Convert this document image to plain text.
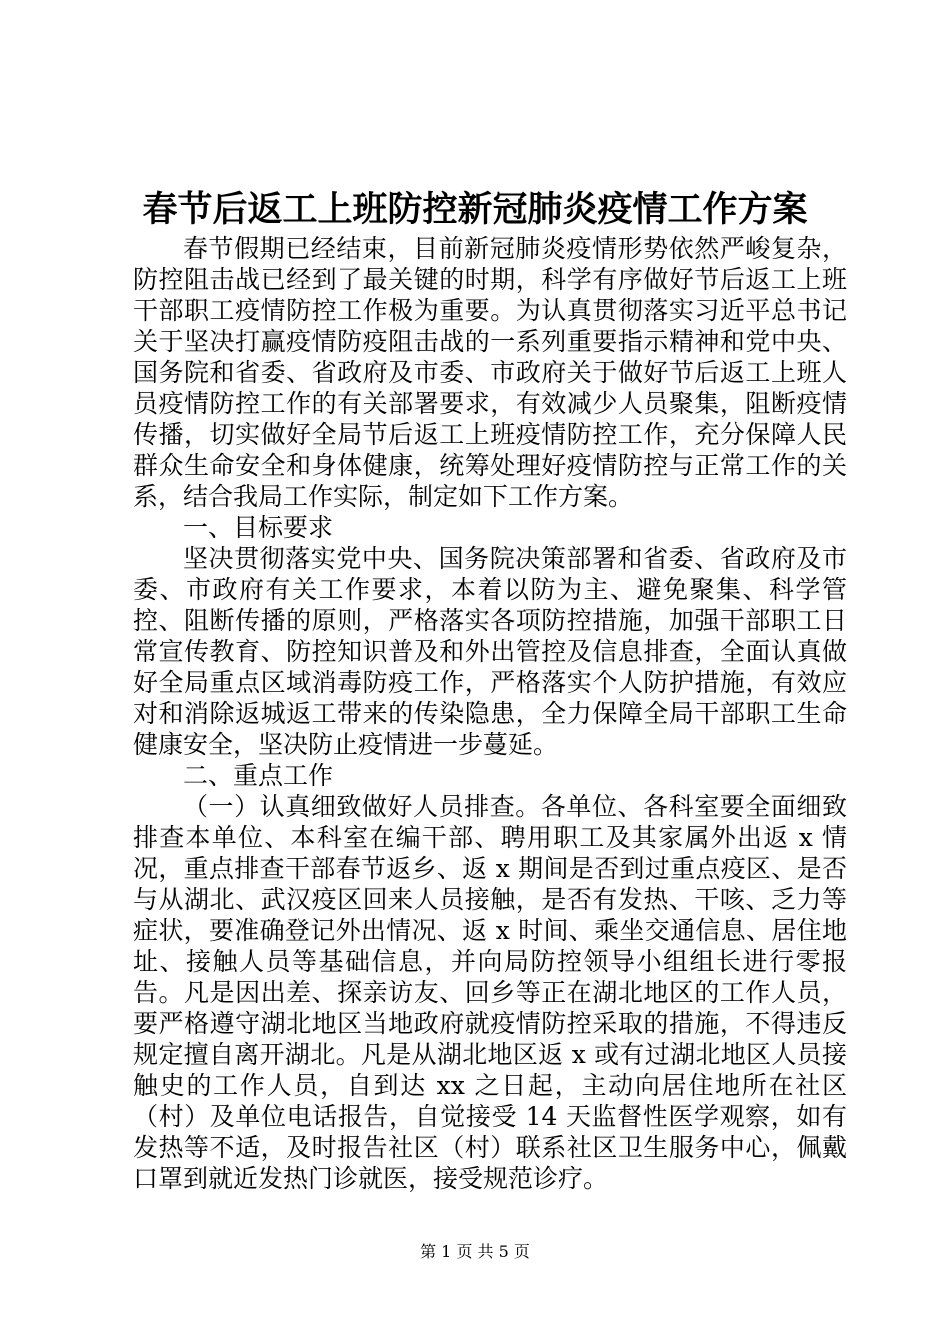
春节后返工上班防控新冠肺炎疫情工作方案

春节假期已经结束，目前新冠肺炎疫情形势依然严峻复杂，防控阻击战已经到了最关键的时期，科学有序做好节后返工上班干部职工疫情防控工作极为重要。为认真贯彻落实习近平总书记关于坚决打赢疫情防疫阻击战的一系列重要指示精神和党中央、国务院和省委、省政府及市委、市政府关于做好节后返工上班人员疫情防控工作的有关部署要求，有效减少人员聚集，阻断疫情传播，切实做好全局节后返工上班疫情防控工作，充分保障人民群众生命安全和身体健康，统筹处理好疫情防控与正常工作的关系，结合我局工作实际，制定如下工作方案。

一、目标要求

坚决贯彻落实党中央、国务院决策部署和省委、省政府及市委、市政府有关工作要求，本着以防为主、避免聚集、科学管控、阻断传播的原则，严格落实各项防控措施，加强干部职工日常宣传教育、防控知识普及和外出管控及信息排查，全面认真做好全局重点区域消毒防疫工作，严格落实个人防护措施，有效应对和消除返城返工带来的传染隐患，全力保障全局干部职工生命健康安全，坚决防止疫情进一步蔓延。

二、重点工作

（一）认真细致做好人员排查。各单位、各科室要全面细致排查本单位、本科室在编干部、聘用职工及其家属外出返 x 情况，重点排查干部春节返乡、返 x 期间是否到过重点疫区、是否与从湖北、武汉疫区回来人员接触，是否有发热、干咳、乏力等症状，要准确登记外出情况、返 x 时间、乘坐交通信息、居住地址、接触人员等基础信息，并向局防控领导小组组长进行零报告。凡是因出差、探亲访友、回乡等正在湖北地区的工作人员，要严格遵守湖北地区当地政府就疫情防控采取的措施，不得违反规定擅自离开湖北。凡是从湖北地区返 x 或有过湖北地区人员接触史的工作人员，自到达 xx 之日起，主动向居住地所在社区（村）及单位电话报告，自觉接受 14 天监督性医学观察，如有发热等不适，及时报告社区（村）联系社区卫生服务中心，佩戴口罩到就近发热门诊就医，接受规范诊疗。

第 1 页 共 5 页
